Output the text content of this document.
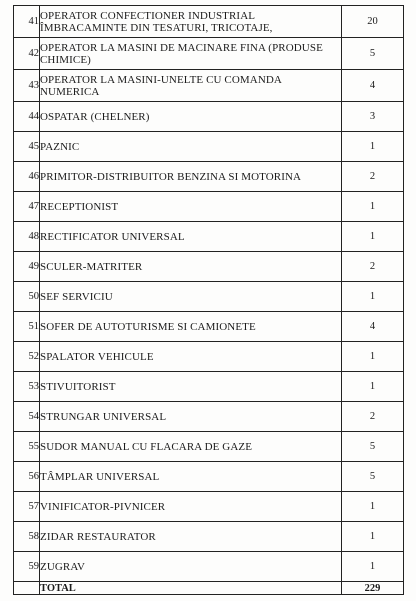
41	OPERATOR CONFECTIONER INDUSTRIAL ÎMBRACAMINTE DIN TESATURI, TRICOTAJE,	20
42	OPERATOR LA MASINI DE MACINARE FINA (PRODUSE CHIMICE)	5
43	OPERATOR LA MASINI-UNELTE CU COMANDA NUMERICA	4
44	OSPATAR (CHELNER)	3
45	PAZNIC	1
46	PRIMITOR-DISTRIBUITOR BENZINA SI MOTORINA	2
47	RECEPTIONIST	1
48	RECTIFICATOR UNIVERSAL	1
49	SCULER-MATRITER	2
50	SEF SERVICIU	1
51	SOFER DE AUTOTURISME SI CAMIONETE	4
52	SPALATOR VEHICULE	1
53	STIVUITORIST	1
54	STRUNGAR UNIVERSAL	2
55	SUDOR MANUAL CU FLACARA DE GAZE	5
56	TÂMPLAR UNIVERSAL	5
57	VINIFICATOR-PIVNICER	1
58	ZIDAR RESTAURATOR	1
59	ZUGRAV	1
	TOTAL	229
